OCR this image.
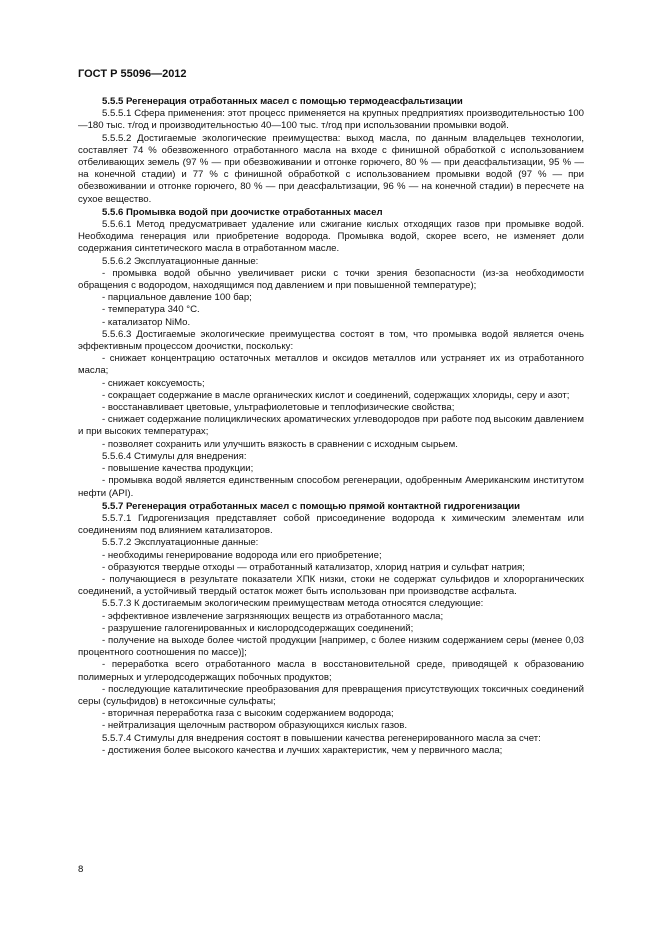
ГОСТ Р 55096—2012

5.5.5 Регенерация отработанных масел с помощью термодеасфальтизации

5.5.5.1 Сфера применения: этот процесс применяется на крупных предприятиях производительностью 100—180 тыс. т/год и производительностью 40—100 тыс. т/год при использовании промывки водой.

5.5.5.2 Достигаемые экологические преимущества: выход масла, по данным владельцев технологии, составляет 74 % обезвоженного отработанного масла на входе с финишной обработкой с использованием отбеливающих земель (97 % — при обезвоживании и отгонке горючего, 80 % — при деасфальтизации, 95 % — на конечной стадии) и 77 % с финишной обработкой с использованием промывки водой (97 % — при обезвоживании и отгонке горючего, 80 % — при деасфальтизации, 96 % — на конечной стадии) в пересчете на сухое вещество.

5.5.6 Промывка водой при доочистке отработанных масел

5.5.6.1 Метод предусматривает удаление или сжигание кислых отходящих газов при промывке водой. Необходима генерация или приобретение водорода. Промывка водой, скорее всего, не изменяет доли содержания синтетического масла в отработанном масле.

5.5.6.2 Эксплуатационные данные:

- промывка водой обычно увеличивает риски с точки зрения безопасности (из-за необходимости обращения с водородом, находящимся под давлением и при повышенной температуре);

- парциальное давление 100 бар;

- температура 340 °С.

- катализатор NiMo.

5.5.6.3 Достигаемые экологические преимущества состоят в том, что промывка водой является очень эффективным процессом доочистки, поскольку:

- снижает концентрацию остаточных металлов и оксидов металлов или устраняет их из отработанного масла;

- снижает коксуемость;

- сокращает содержание в масле органических кислот и соединений, содержащих хлориды, серу и азот;

- восстанавливает цветовые, ультрафиолетовые и теплофизические свойства;

- снижает содержание полициклических ароматических углеводородов при работе под высоким давлением и при высоких температурах;

- позволяет сохранить или улучшить вязкость в сравнении с исходным сырьем.

5.5.6.4 Стимулы для внедрения:

- повышение качества продукции;

- промывка водой является единственным способом регенерации, одобренным Американским институтом нефти (API).

5.5.7 Регенерация отработанных масел с помощью прямой контактной гидрогенизации

5.5.7.1 Гидрогенизация представляет собой присоединение водорода к химическим элементам или соединениям под влиянием катализаторов.

5.5.7.2 Эксплуатационные данные:

- необходимы генерирование водорода или его приобретение;

- образуются твердые отходы — отработанный катализатор, хлорид натрия и сульфат натрия;

- получающиеся в результате показатели ХПК низки, стоки не содержат сульфидов и хлорорганических соединений, а устойчивый твердый остаток может быть использован при производстве асфальта.

5.5.7.3 К достигаемым экологическим преимуществам метода относятся следующие:

- эффективное извлечение загрязняющих веществ из отработанного масла;

- разрушение галогенированных и кислородсодержащих соединений;

- получение на выходе более чистой продукции [например, с более низким содержанием серы (менее 0,03 процентного соотношения по массе)];

- переработка всего отработанного масла в восстановительной среде, приводящей к образованию полимерных и углеродсодержащих побочных продуктов;

- последующие каталитические преобразования для превращения присутствующих токсичных соединений серы (сульфидов) в нетоксичные сульфаты;

- вторичная переработка газа с высоким содержанием водорода;

- нейтрализация щелочным раствором образующихся кислых газов.

5.5.7.4 Стимулы для внедрения состоят в повышении качества регенерированного масла за счет:

- достижения более высокого качества и лучших характеристик, чем у первичного масла;

8
